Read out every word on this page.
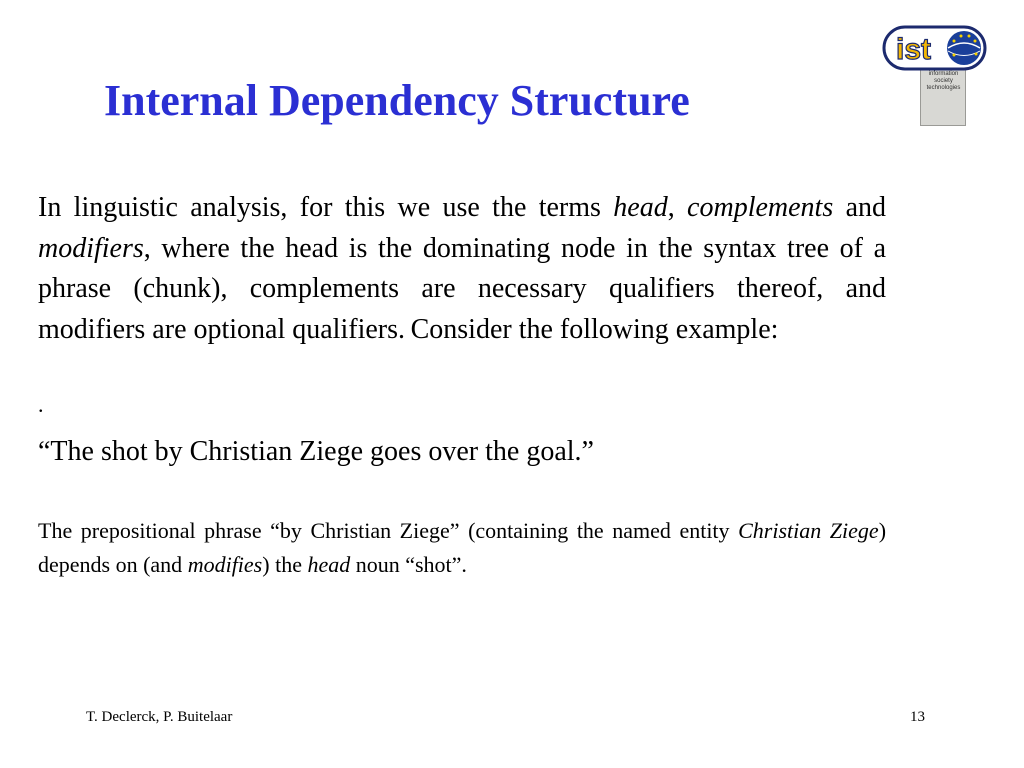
Internal Dependency Structure
information
society
technologies
ist

In linguistic analysis, for this we use the terms head, complements and modifiers, where the head is the dominating node in the syntax tree of a phrase (chunk), complements are necessary qualifiers thereof, and modifiers are optional qualifiers. Consider the following example:

.

“The shot by Christian Ziege goes over the goal.”

The prepositional phrase “by Christian Ziege” (containing the named entity Christian Ziege) depends on (and modifies) the head noun “shot”.

T. Declerck, P. Buitelaar	13
